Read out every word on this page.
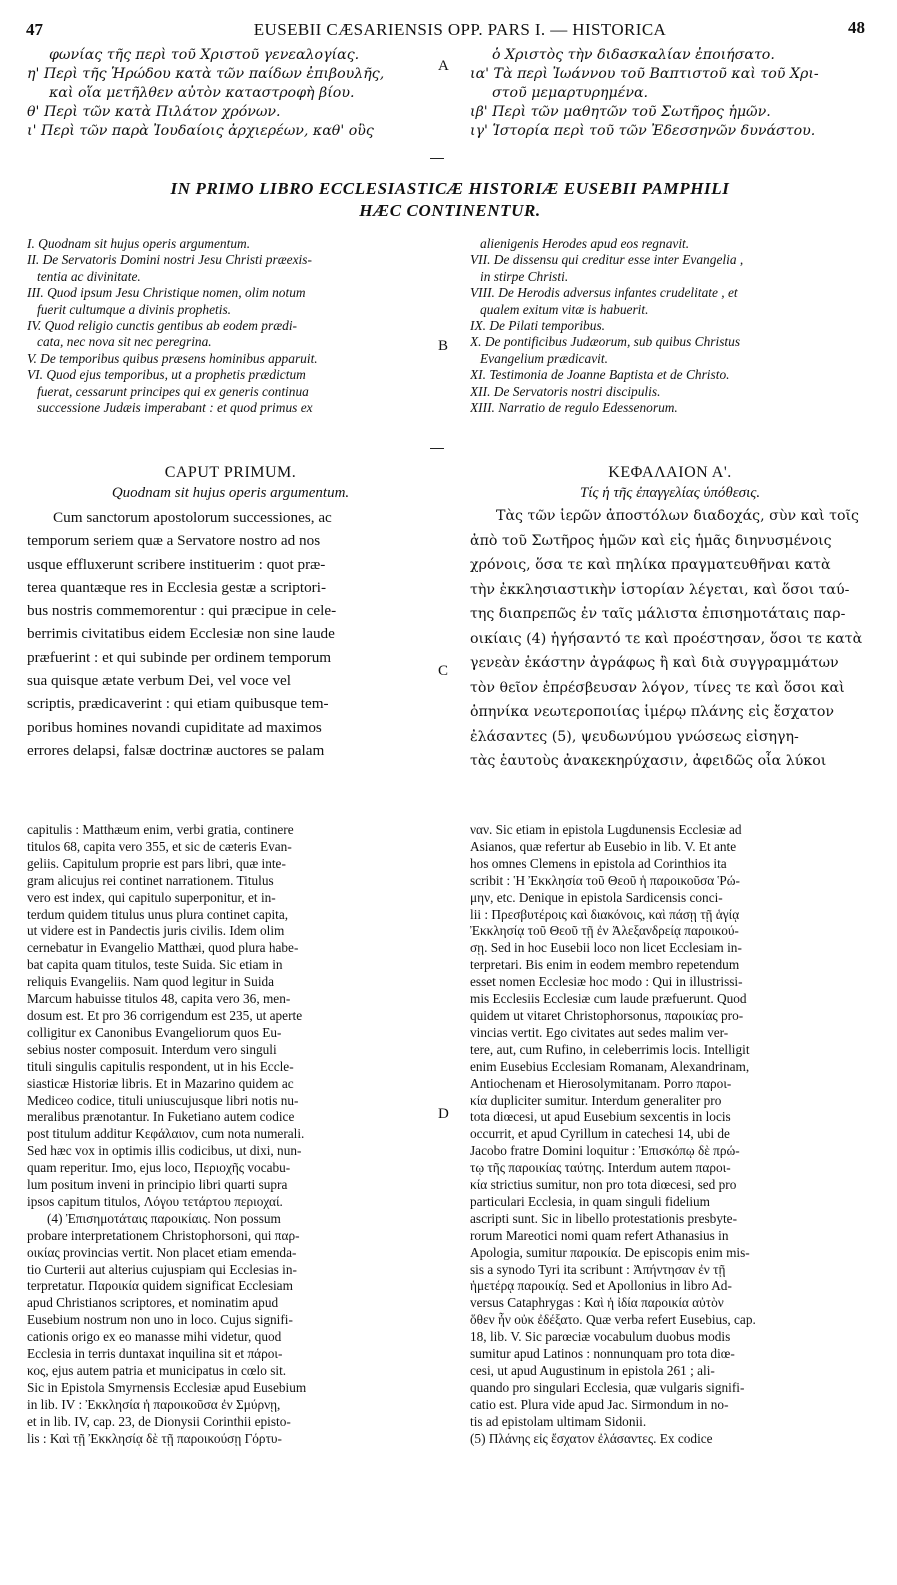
47	EUSEBII CÆSARIENSIS OPP. PARS I. — HISTORICA	48
φωνίας τῆς περὶ τοῦ Χριστοῦ γενεαλογίας.
η' Περὶ τῆς Ἡρώδου κατὰ τῶν παίδων ἐπιβουλῆς,
καὶ οἵα μετῆλθεν αὐτὸν καταστροφὴ βίου.
θ' Περὶ τῶν κατὰ Πιλάτον χρόνων.
ι' Περὶ τῶν παρὰ Ἰουδαίοις ἀρχιερέων, καθ' οὓς
A
ὁ Χριστὸς τὴν διδασκαλίαν ἐποιήσατο.
ια' Τὰ περὶ Ἰωάννου τοῦ Βαπτιστοῦ καὶ τοῦ Χρι-
στοῦ μεμαρτυρημένα.
ιβ' Περὶ τῶν μαθητῶν τοῦ Σωτῆρος ἡμῶν.
ιγ' Ἱστορία περὶ τοῦ τῶν Ἐδεσσηνῶν δυνάστου.
IN PRIMO LIBRO ECCLESIASTICÆ HISTORIÆ EUSEBII PAMPHILI
HÆC CONTINENTUR.
I. Quodnam sit hujus operis argumentum.
II. De Servatoris Domini nostri Jesu Christi præexis-
tentia ac divinitate.
III. Quod ipsum Jesu Christique nomen, olim notum
fuerit cultumque a divinis prophetis.
IV. Quod religio cunctis gentibus ab eodem prædi-
cata, nec nova sit nec peregrina.
V. De temporibus quibus præsens hominibus apparuit.
VI. Quod ejus temporibus, ut a prophetis prædictum
fuerat, cessarunt principes qui ex generis continua
successione Judæis imperabant : et quod primus ex
B
alienigenis Herodes apud eos regnavit.
VII. De dissensu qui creditur esse inter Evangelia ,
in stirpe Christi.
VIII. De Herodis adversus infantes crudelitate , et
qualem exitum vitæ is habuerit.
IX. De Pilati temporibus.
X. De pontificibus Judæorum, sub quibus Christus
Evangelium prædicavit.
XI. Testimonia de Joanne Baptista et de Christo.
XII. De Servatoris nostri discipulis.
XIII. Narratio de regulo Edessenorum.
CAPUT PRIMUM.
Quodnam sit hujus operis argumentum.
Cum sanctorum apostolorum successiones, ac
temporum seriem quæ a Servatore nostro ad nos
usque effluxerunt scribere instituerim : quot præ-
terea quantæque res in Ecclesia gestæ a scriptori-
bus nostris commemorentur : qui præcipue in cele-
berrimis civitatibus eidem Ecclesiæ non sine laude
præfuerint : et qui subinde per ordinem temporum
sua quisque ætate verbum Dei, vel voce vel
scriptis, prædicaverint : qui etiam quibusque tem-
poribus homines novandi cupiditate ad maximos
errores delapsi, falsæ doctrinæ auctores se palam
C
ΚΕΦΑΛΑΙΟΝ Α'.
Τίς ἡ τῆς ἐπαγγελίας ὑπόθεσις.
Τὰς τῶν ἱερῶν ἀποστόλων διαδοχάς, σὺν καὶ τοῖς
ἀπὸ τοῦ Σωτῆρος ἡμῶν καὶ εἰς ἡμᾶς διηνυσμένοις
χρόνοις, ὅσα τε καὶ πηλίκα πραγματευθῆναι κατὰ
τὴν ἐκκλησιαστικὴν ἱστορίαν λέγεται, καὶ ὅσοι ταύ-
της διαπρεπῶς ἐν ταῖς μάλιστα ἐπισημοτάταις παρ-
οικίαις (4) ἡγήσαντό τε καὶ προέστησαν, ὅσοι τε κατὰ
γενεὰν ἑκάστην ἀγράφως ἢ καὶ διὰ συγγραμμάτων
τὸν θεῖον ἐπρέσβευσαν λόγον, τίνες τε καὶ ὅσοι καὶ
ὁπηνίκα νεωτεροποιίας ἱμέρῳ πλάνης εἰς ἔσχατον
ἐλάσαντες (5), ψευδωνύμου γνώσεως εἰσηγη-
τὰς ἑαυτοὺς ἀνακεκηρύχασιν, ἀφειδῶς οἷα λύκοι
capitulis : Matthæum enim, verbi gratia, continere
titulos 68, capita vero 355, et sic de cæteris Evan-
geliis. Capitulum proprie est pars libri, quæ inte-
gram alicujus rei continet narrationem. Titulus
vero est index, qui capitulo superponitur, et in-
terdum quidem titulus unus plura continet capita,
ut videre est in Pandectis juris civilis. Idem olim
cernebatur in Evangelio Matthæi, quod plura habe-
bat capita quam titulos, teste Suida. Sic etiam in
reliquis Evangeliis. Nam quod legitur in Suida
Marcum habuisse titulos 48, capita vero 36, men-
dosum est. Et pro 36 corrigendum est 235, ut aperte
colligitur ex Canonibus Evangeliorum quos Eu-
sebius noster composuit. Interdum vero singuli
tituli singulis capitulis respondent, ut in his Eccle-
siasticæ Historiæ libris. Et in Mazarino quidem ac
Mediceo codice, tituli uniuscujusque libri notis nu-
meralibus prænotantur. In Fuketiano autem codice
post titulum additur Κεφάλαιον, cum nota numerali.
Sed hæc vox in optimis illis codicibus, ut dixi, nun-
quam reperitur. Imo, ejus loco, Περιοχῆς vocabu-
lum positum inveni in principio libri quarti supra
ipsos capitum titulos, Λόγου τετάρτου περιοχαί.
(4) Ἐπισημοτάταις παροικίαις. Non possum
probare interpretationem Christophorsoni, qui παρ-
οικίας provincias vertit. Non placet etiam emenda-
tio Curterii aut alterius cujuspiam qui Ecclesias in-
terpretatur. Παροικία quidem significat Ecclesiam
apud Christianos scriptores, et nominatim apud
Eusebium nostrum non uno in loco. Cujus signifi-
cationis origo ex eo manasse mihi videtur, quod
Ecclesia in terris duntaxat inquilina sit et πάροι-
κος, ejus autem patria et municipatus in cœlo sit.
Sic in Epistola Smyrnensis Ecclesiæ apud Eusebium
in lib. IV : Ἐκκλησία ἡ παροικοῦσα ἐν Σμύρνῃ,
et in lib. IV, cap. 23, de Dionysii Corinthii episto-
lis : Καὶ τῇ Ἐκκλησίᾳ δὲ τῇ παροικούσῃ Γόρτυ-
D
ναν. Sic etiam in epistola Lugdunensis Ecclesiæ ad
Asianos, quæ refertur ab Eusebio in lib. V. Et ante
hos omnes Clemens in epistola ad Corinthios ita
scribit : Ἡ Ἐκκλησία τοῦ Θεοῦ ἡ παροικοῦσα Ῥώ-
μην, etc. Denique in epistola Sardicensis conci-
lii : Πρεσβυτέροις καὶ διακόνοις, καὶ πάσῃ τῇ ἁγίᾳ
Ἐκκλησίᾳ τοῦ Θεοῦ τῇ ἐν Ἀλεξανδρείᾳ παροικού-
σῃ. Sed in hoc Eusebii loco non licet Ecclesiam in-
terpretari. Bis enim in eodem membro repetendum
esset nomen Ecclesiæ hoc modo : Qui in illustrissi-
mis Ecclesiis Ecclesiæ cum laude præfuerunt. Quod
quidem ut vitaret Christophorsonus, παροικίας pro-
vincias vertit. Ego civitates aut sedes malim ver-
tere, aut, cum Rufino, in celeberrimis locis. Intelligit
enim Eusebius Ecclesiam Romanam, Alexandrinam,
Antiochenam et Hierosolymitanam. Porro παροι-
κία dupliciter sumitur. Interdum generaliter pro
tota diœcesi, ut apud Eusebium sexcentis in locis
occurrit, et apud Cyrillum in catechesi 14, ubi de
Jacobo fratre Domini loquitur : Ἐπισκόπῳ δὲ πρώ-
τῳ τῆς παροικίας ταύτης. Interdum autem παροι-
κία strictius sumitur, non pro tota diœcesi, sed pro
particulari Ecclesia, in quam singuli fidelium
ascripti sunt. Sic in libello protestationis presbyte-
rorum Mareotici nomi quam refert Athanasius in
Apologia, sumitur παροικία. De episcopis enim mis-
sis a synodo Tyri ita scribunt : Ἀπήντησαν ἐν τῇ
ἡμετέρᾳ παροικίᾳ. Sed et Apollonius in libro Ad-
versus Cataphrygas : Καὶ ἡ ἰδία παροικία αὐτὸν
ὅθεν ἦν οὐκ ἐδέξατο. Quæ verba refert Eusebius, cap.
18, lib. V. Sic parœciæ vocabulum duobus modis
sumitur apud Latinos : nonnunquam pro tota diœ-
cesi, ut apud Augustinum in epistola 261 ; ali-
quando pro singulari Ecclesia, quæ vulgaris signifi-
catio est. Plura vide apud Jac. Sirmondum in no-
tis ad epistolam ultimam Sidonii.
(5) Πλάνης εἰς ἔσχατον ἐλάσαντες. Ex codice
